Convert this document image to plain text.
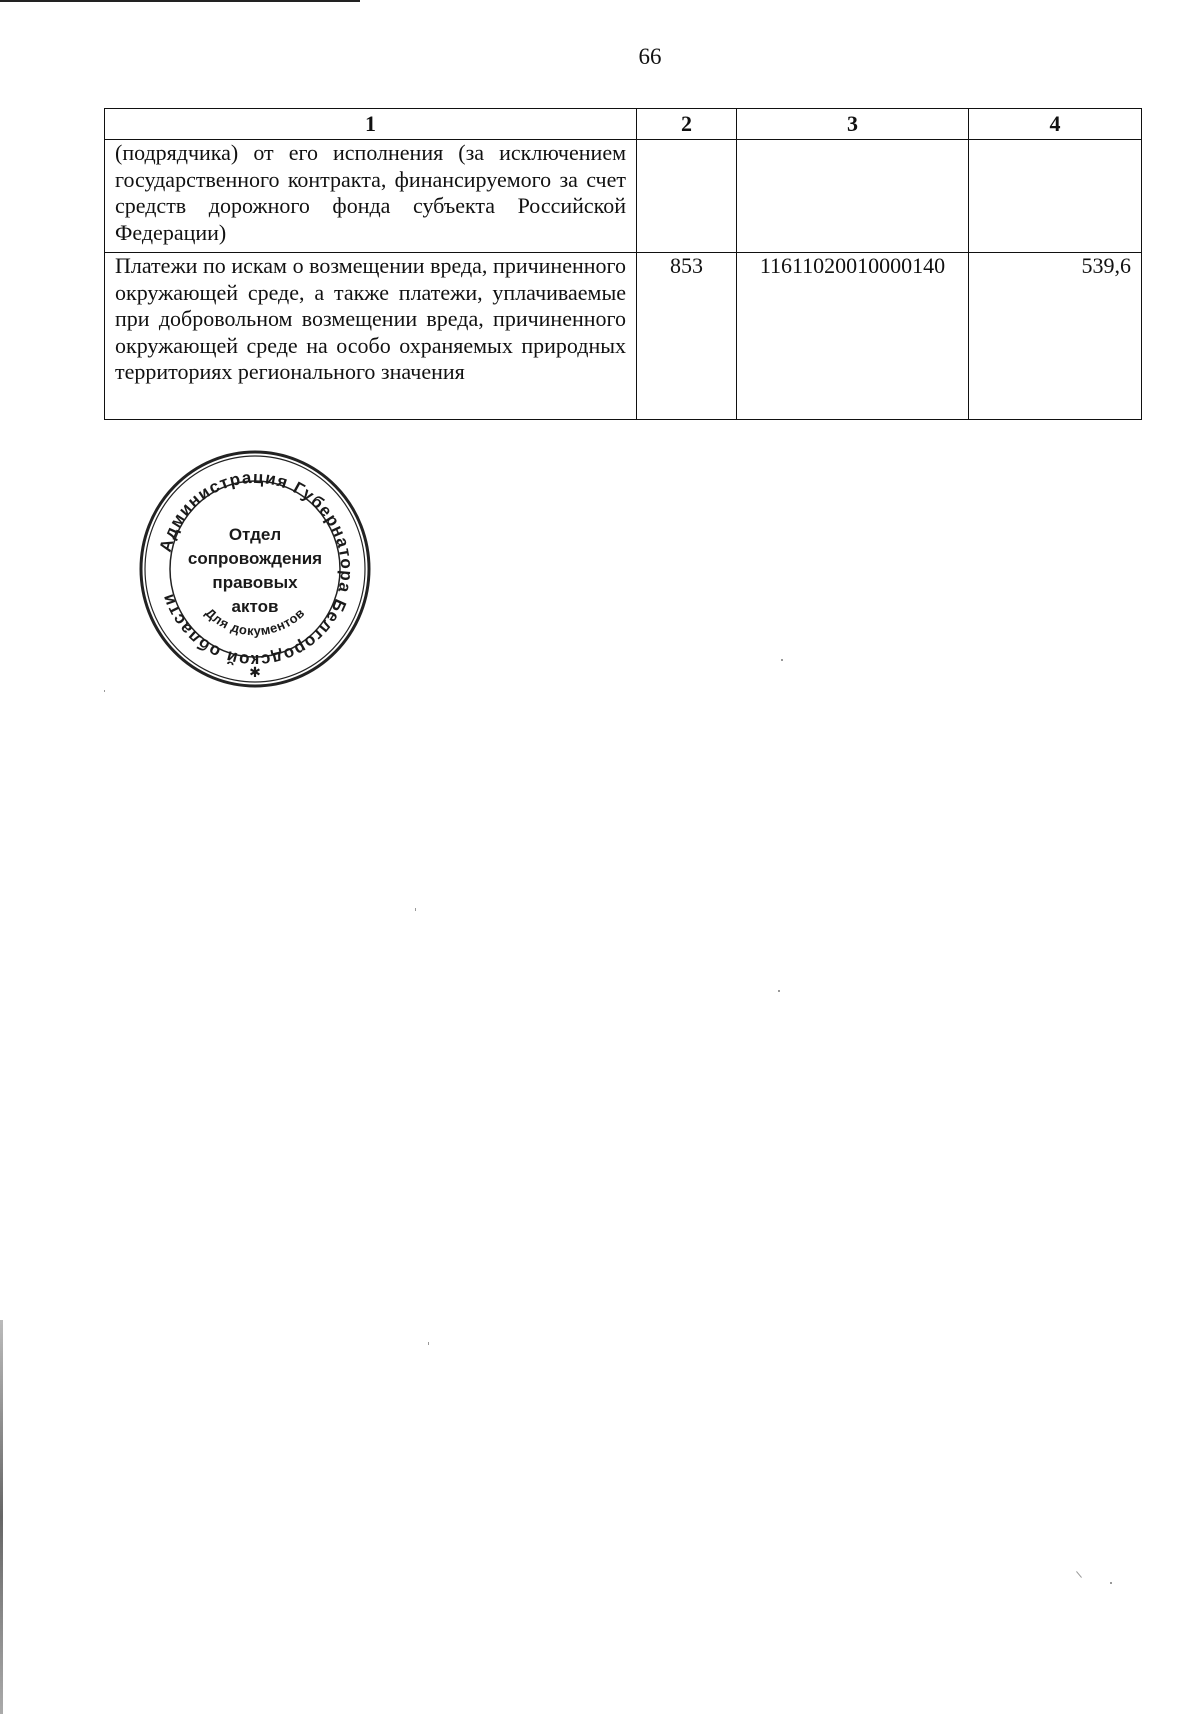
66
1	2	3	4
(подрядчика) от его исполнения (за исключением государственного контракта, финансируемого за счет средств дорожного фонда субъекта Российской Федерации)			
Платежи по искам о возмещении вреда, причиненного окружающей среде, а также платежи, уплачиваемые при добровольном возмещении вреда, причиненного окружающей среде на особо охраняемых природных территориях регионального значения	853	11611020010000140	539,6
Администрация Губернатора Белгородской области
Для документов
✱
Отдел
сопровождения
правовых
актов
